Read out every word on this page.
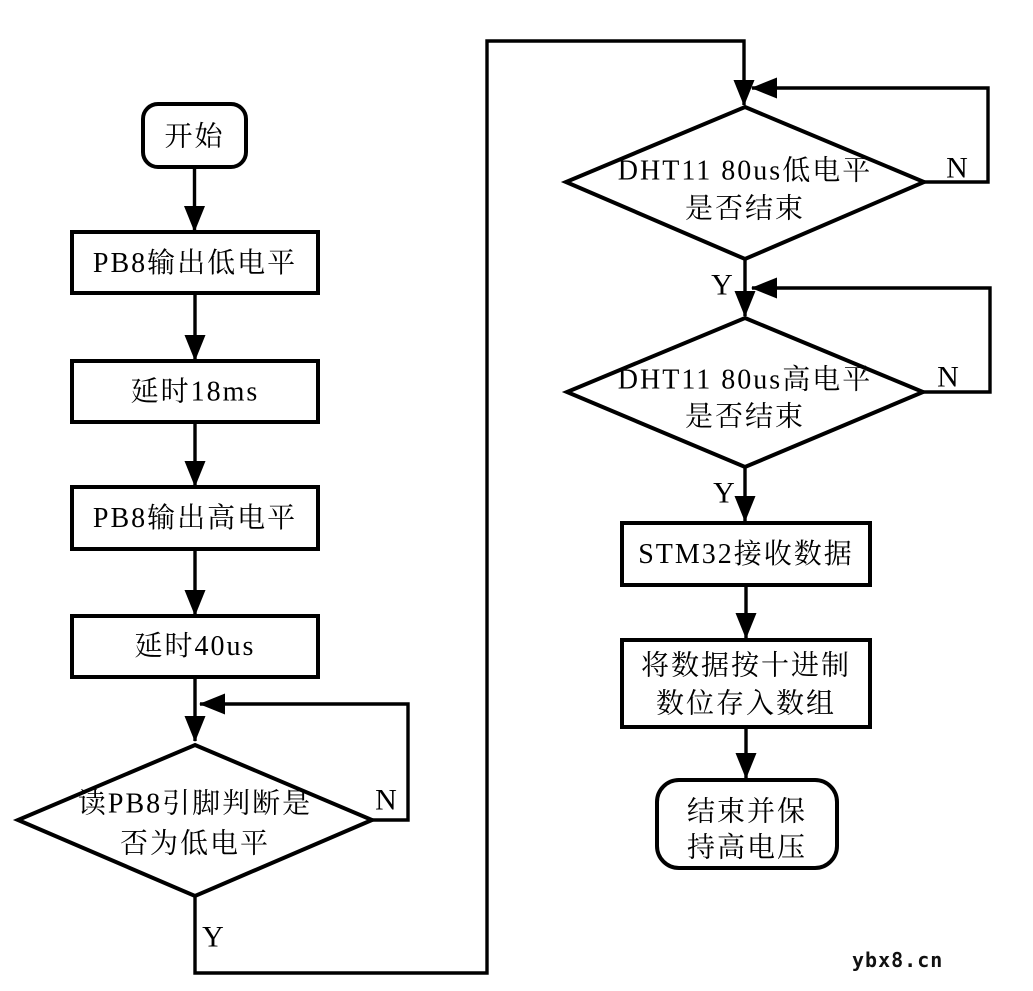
开始
PB8输出低电平
延时18ms
PB8输出高电平
延时40us
读PB8引脚判断是
否为低电平
N
Y
DHT11 80us低电平
是否结束
N
Y
DHT11 80us高电平
是否结束
N
Y
STM32接收数据
将数据按十进制
数位存入数组
结束并保
持高电压
ybx8.cn
